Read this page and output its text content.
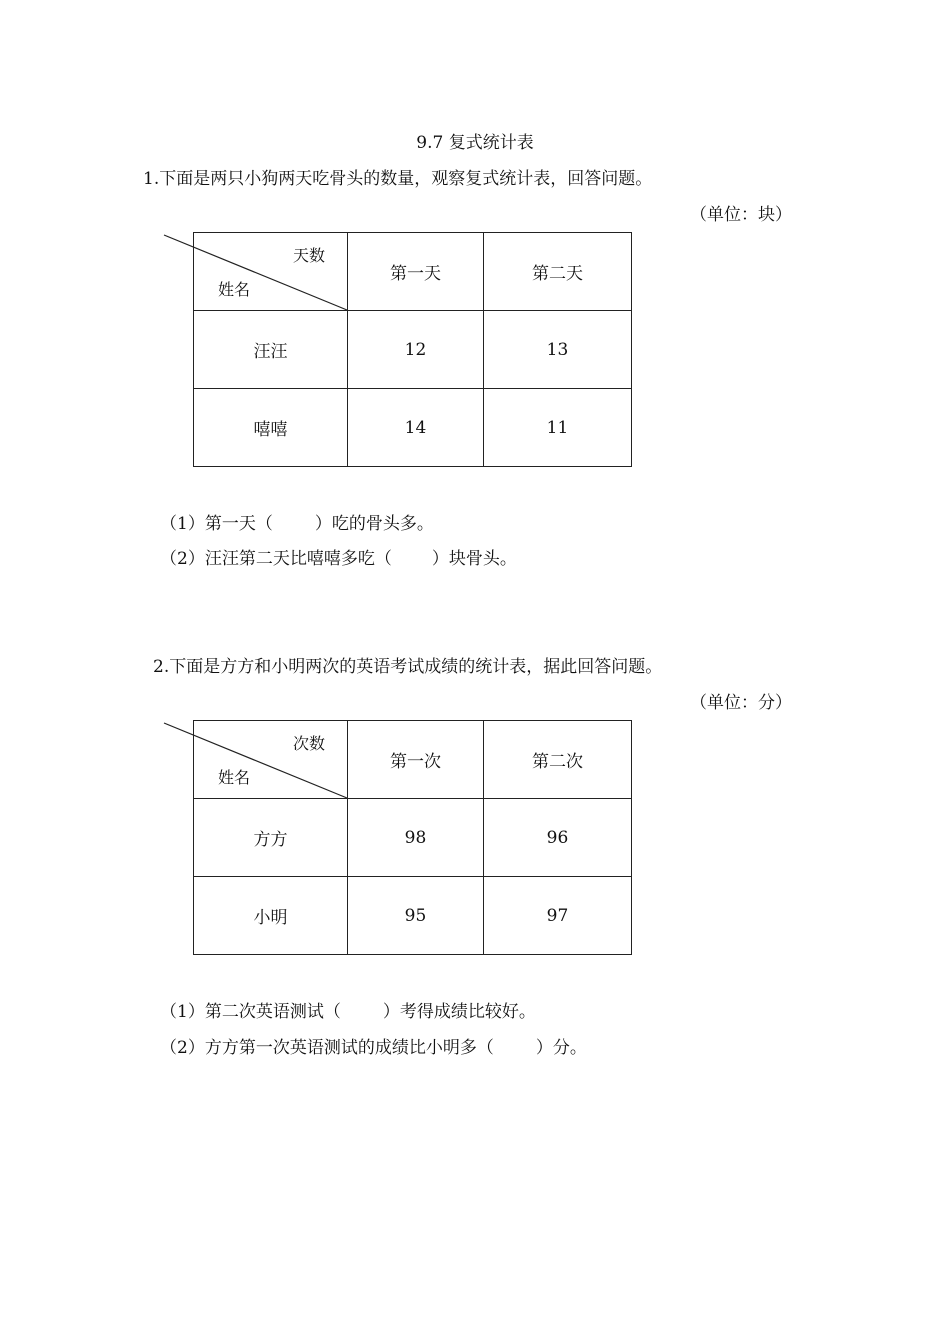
9.7 复式统计表
1.下面是两只小狗两天吃骨头的数量，观察复式统计表，回答问题。
（单位：块）
天数
姓名	第一天	第二天
汪汪	12	13
嘻嘻	14	11
（1）第一天（ ）吃的骨头多。
（2）汪汪第二天比嘻嘻多吃（ ）块骨头。
2.下面是方方和小明两次的英语考试成绩的统计表，据此回答问题。
（单位：分）
次数
姓名	第一次	第二次
方方	98	96
小明	95	97
（1）第二次英语测试（ ）考得成绩比较好。
（2）方方第一次英语测试的成绩比小明多（ ）分。
